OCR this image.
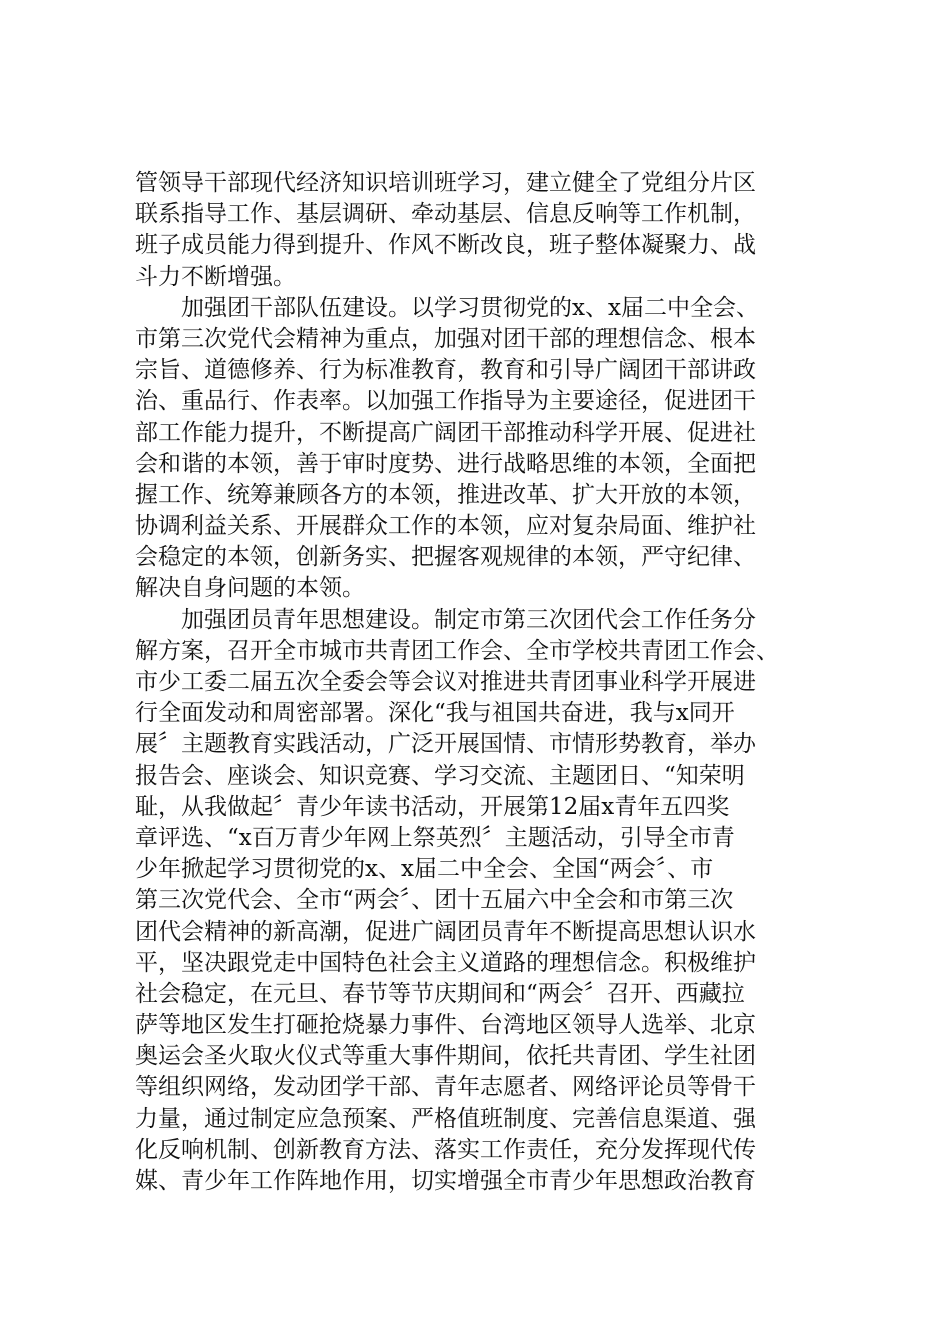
管领导干部现代经济知识培训班学习，建立健全了党组分片区
联系指导工作、基层调研、牵动基层、信息反响等工作机制，
班子成员能力得到提升、作风不断改良，班子整体凝聚力、战
斗力不断增强。
加强团干部队伍建设。以学习贯彻党的x、x届二中全会、
市第三次党代会精神为重点，加强对团干部的理想信念、根本
宗旨、道德修养、行为标准教育，教育和引导广阔团干部讲政
治、重品行、作表率。以加强工作指导为主要途径，促进团干
部工作能力提升，不断提高广阔团干部推动科学开展、促进社
会和谐的本领，善于审时度势、进行战略思维的本领，全面把
握工作、统筹兼顾各方的本领，推进改革、扩大开放的本领，
协调利益关系、开展群众工作的本领，应对复杂局面、维护社
会稳定的本领，创新务实、把握客观规律的本领，严守纪律、
解决自身问题的本领。
加强团员青年思想建设。制定市第三次团代会工作任务分
解方案，召开全市城市共青团工作会、全市学校共青团工作会、
市少工委二届五次全委会等会议对推进共青团事业科学开展进
行全面发动和周密部署。深化“我与祖国共奋进，我与x同开
展〞主题教育实践活动，广泛开展国情、市情形势教育，举办
报告会、座谈会、知识竞赛、学习交流、主题团日、“知荣明
耻，从我做起〞青少年读书活动，开展第12届x青年五四奖
章评选、“x百万青少年网上祭英烈〞主题活动，引导全市青
少年掀起学习贯彻党的x、x届二中全会、全国“两会〞、市
第三次党代会、全市“两会〞、团十五届六中全会和市第三次
团代会精神的新高潮，促进广阔团员青年不断提高思想认识水
平，坚决跟党走中国特色社会主义道路的理想信念。积极维护
社会稳定，在元旦、春节等节庆期间和“两会〞召开、西藏拉
萨等地区发生打砸抢烧暴力事件、台湾地区领导人选举、北京
奥运会圣火取火仪式等重大事件期间，依托共青团、学生社团
等组织网络，发动团学干部、青年志愿者、网络评论员等骨干
力量，通过制定应急预案、严格值班制度、完善信息渠道、强
化反响机制、创新教育方法、落实工作责任，充分发挥现代传
媒、青少年工作阵地作用，切实增强全市青少年思想政治教育
